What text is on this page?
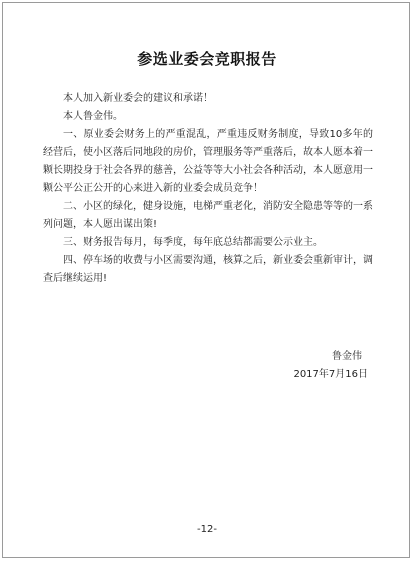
参选业委会竞职报告

本人加入新业委会的建议和承诺！

本人鲁金伟。

一、原业委会财务上的严重混乱，严重违反财务制度，导致10多年的经营后，使小区落后同地段的房价，管理服务等严重落后，故本人愿本着一颗长期投身于社会各界的慈善，公益等等大小社会各种活动，本人愿意用一颗公平公正公开的心来进入新的业委会成员竞争！

二、小区的绿化，健身设施，电梯严重老化，消防安全隐患等等的一系列问题，本人愿出谋出策!

三、财务报告每月，每季度，每年底总结都需要公示业主。

四、停车场的收费与小区需要沟通，核算之后，新业委会重新审计，调查后继续运用!

鲁金伟
2017年7月16日
-12-
